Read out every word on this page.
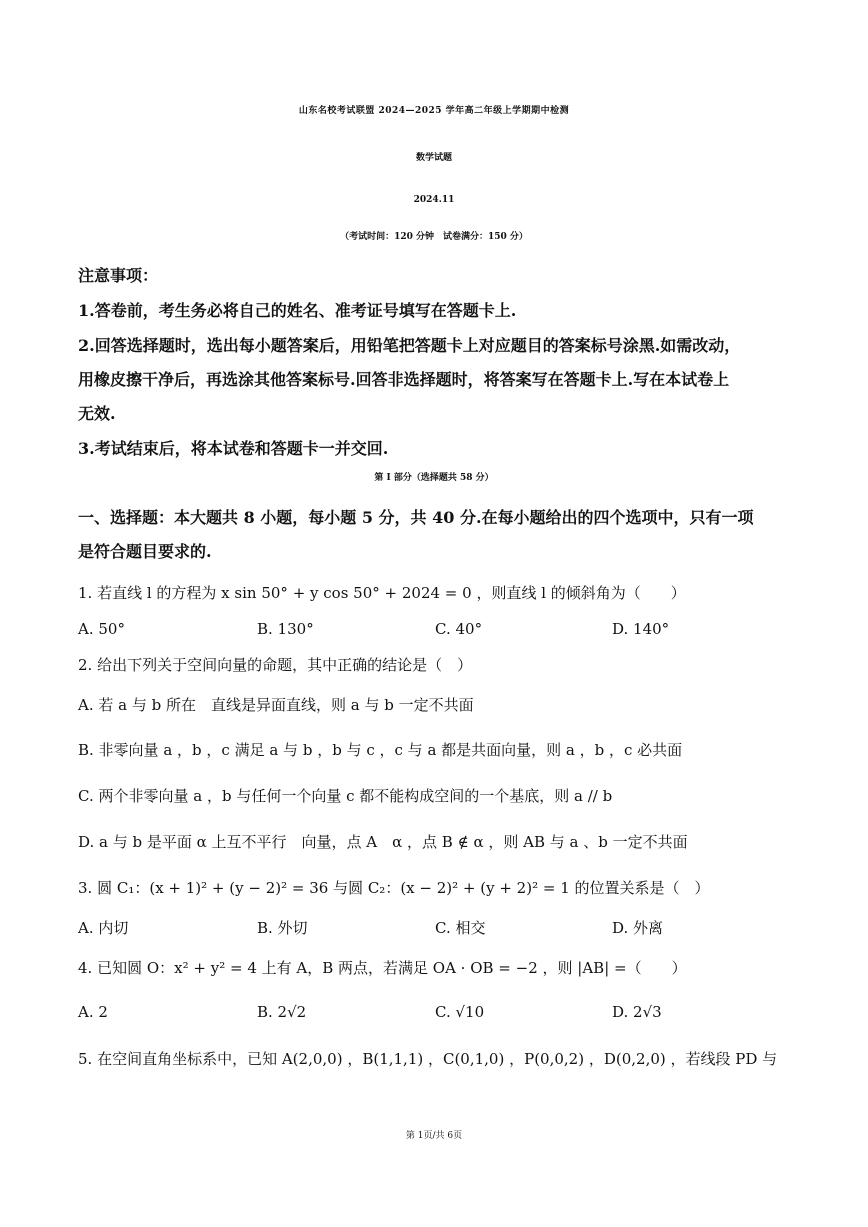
山东名校考试联盟 2024—2025 学年高二年级上学期期中检测
数学试题
2024.11
（考试时间：120 分钟　试卷满分：150 分）
注意事项：
1.答卷前，考生务必将自己的姓名、准考证号填写在答题卡上.
2.回答选择题时，选出每小题答案后，用铅笔把答题卡上对应题目的答案标号涂黑.如需改动，
用橡皮擦干净后，再选涂其他答案标号.回答非选择题时，将答案写在答题卡上.写在本试卷上
无效.
3.考试结束后，将本试卷和答题卡一并交回.
第 I 部分（选择题共 58 分）
一、选择题：本大题共 8 小题，每小题 5 分，共 40 分.在每小题给出的四个选项中，只有一项
是符合题目要求的.
1. 若直线 l 的方程为 x sin 50° + y cos 50° + 2024 = 0 ，则直线 l 的倾斜角为（　　）
A. 50°	B. 130°	C. 40°	D. 140°
2. 给出下列关于空间向量的命题，其中正确的结论是（　）
A. 若 a 与 b 所在　直线是异面直线，则 a 与 b 一定不共面
B. 非零向量 a ，b ，c 满足 a 与 b ，b 与 c ，c 与 a 都是共面向量，则 a ，b ，c 必共面
C. 两个非零向量 a ，b 与任何一个向量 c 都不能构成空间的一个基底，则 a // b
D. a 与 b 是平面 α 上互不平行　向量，点 A　α ，点 B ∉ α ，则 AB 与 a 、b 一定不共面
3. 圆 C₁：(x + 1)² + (y − 2)² = 36 与圆 C₂：(x − 2)² + (y + 2)² = 1 的位置关系是（　）
A. 内切	B. 外切	C. 相交	D. 外离
4. 已知圆 O：x² + y² = 4 上有 A，B 两点，若满足 OA · OB = −2 ，则 |AB| =（　　）
A. 2	B. 2√2	C. √10	D. 2√3
5. 在空间直角坐标系中，已知 A(2,0,0) ，B(1,1,1) ，C(0,1,0) ，P(0,0,2) ，D(0,2,0) ，若线段 PD 与
第 1页/共 6页
